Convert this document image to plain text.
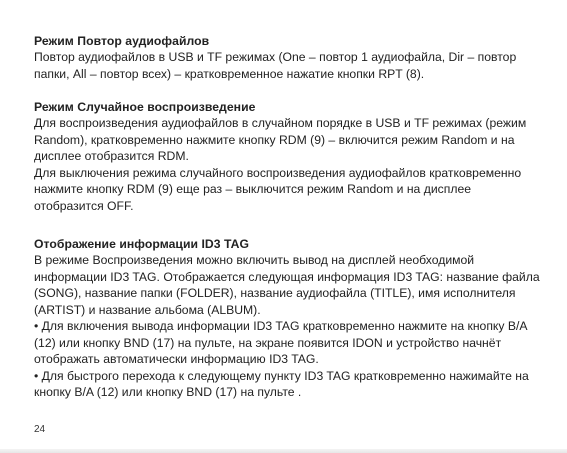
Режим Повтор аудиофайлов

Повтор аудиофайлов в USB и TF режимах (One – повтор 1 аудиофайла, Dir – повтор папки, All – повтор всех) – кратковременное нажатие кнопки RPT (8).

Режим Случайное воспроизведение

Для воспроизведения аудиофайлов в случайном порядке в USB и TF режимах (режим Random), кратковременно нажмите кнопку RDM (9) – включится режим Random и на дисплее отобразится RDM.

Для выключения режима случайного воспроизведения аудиофайлов кратковременно нажмите кнопку RDM (9) еще раз – выключится режим Random и на дисплее отобразится OFF.

Отображение информации ID3 TAG

В режиме Воспроизведения можно включить вывод на дисплей необходимой информации ID3 TAG. Отображается следующая информация ID3 TAG: название файла (SONG), название папки (FOLDER), название аудиофайла (TITLE), имя исполнителя (ARTIST) и название альбома (ALBUM).

• Для включения вывода информации ID3 TAG кратковременно нажмите на кнопку B/A (12) или кнопку BND (17) на пульте, на экране появится IDON и устройство начнёт отображать автоматически информацию ID3 TAG.

• Для быстрого перехода к следующему пункту ID3 TAG кратковременно нажимайте на кнопку B/A (12) или кнопку BND (17) на пульте .

24
